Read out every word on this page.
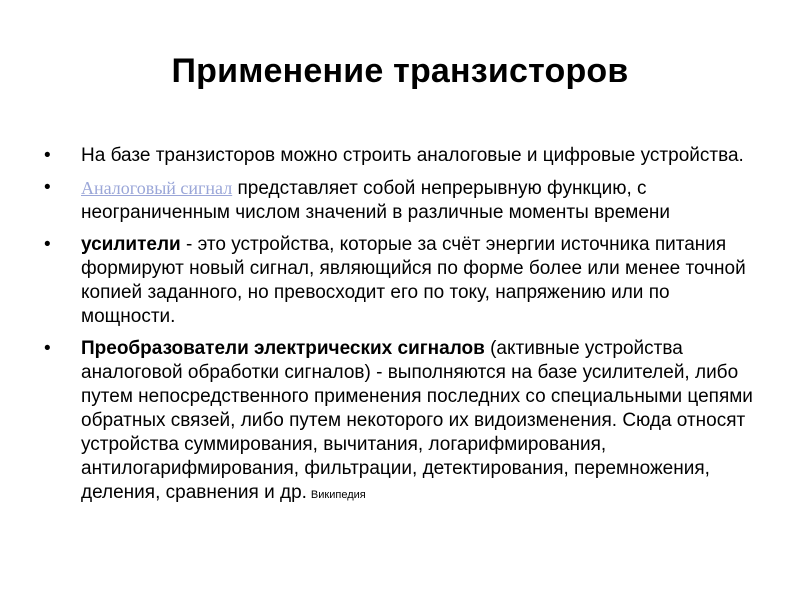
Применение транзисторов
• На базе транзисторов можно строить аналоговые и цифровые устройства.
• Аналоговый сигнал представляет собой непрерывную функцию, с неограниченным числом значений в различные моменты времени
• усилители - это устройства, которые за счёт энергии источника питания формируют новый сигнал, являющийся по форме более или менее точной копией заданного, но превосходит его по току, напряжению или по мощности.
• Преобразователи электрических сигналов (активные устройства аналоговой обработки сигналов) - выполняются на базе усилителей, либо путем непосредственного применения последних со специальными цепями обратных связей, либо путем некоторого их видоизменения. Сюда относят устройства суммирования, вычитания, логарифмирования, антилогарифмирования, фильтрации, детектирования, перемножения, деления, сравнения и др. Википедия
